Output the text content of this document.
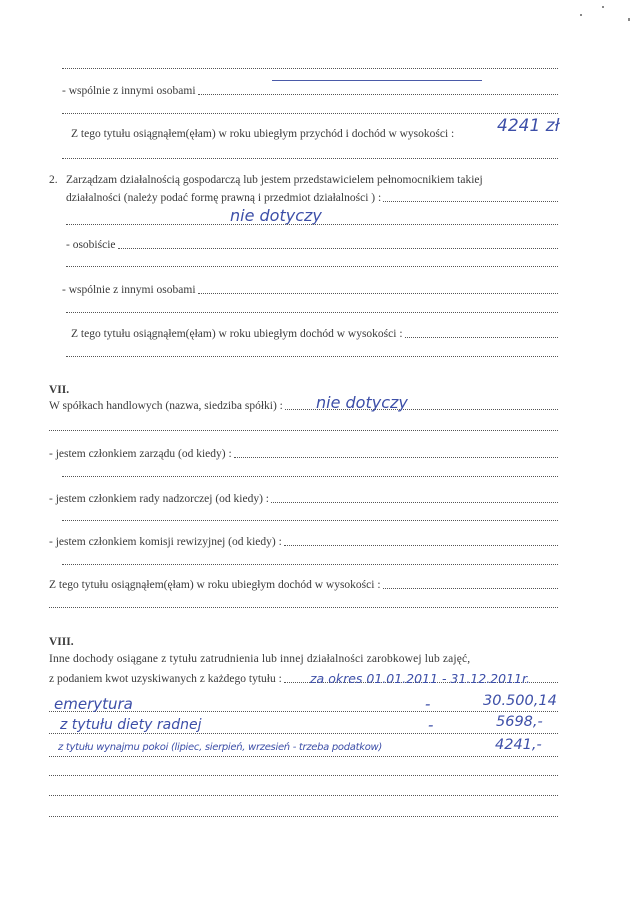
- wspólnie z innymi osobami
Z tego tytułu osiągnąłem(ęłam) w roku ubiegłym przychód i dochód w wysokości :	4241 zł
2. Zarządzam działalnością gospodarczą lub jestem przedstawicielem pełnomocnikiem takiej
działalności (należy podać formę prawną i przedmiot działalności ) :
nie dotyczy
- osobiście
- wspólnie z innymi osobami
Z tego tytułu osiągnąłem(ęłam) w roku ubiegłym dochód w wysokości :
VII.
W spółkach handlowych (nazwa, siedziba spółki) : nie dotyczy
- jestem członkiem zarządu (od kiedy) :
- jestem członkiem rady nadzorczej (od kiedy) :
- jestem członkiem komisji rewizyjnej (od kiedy) :
Z tego tytułu osiągnąłem(ęłam) w roku ubiegłym dochód w wysokości :
VIII.
Inne dochody osiągane z tytułu zatrudnienia lub innej działalności zarobkowej lub zajęć,
z podaniem kwot uzyskiwanych z każdego tytułu : za okres 01.01.2011 - 31.12.2011r.
emerytura	-	30.500,14
z tytułu diety radnej	-	5698,-
z tytułu wynajmu pokoi (lipiec, sierpień, wrzesień - trzeba podatkow)	4241,-
